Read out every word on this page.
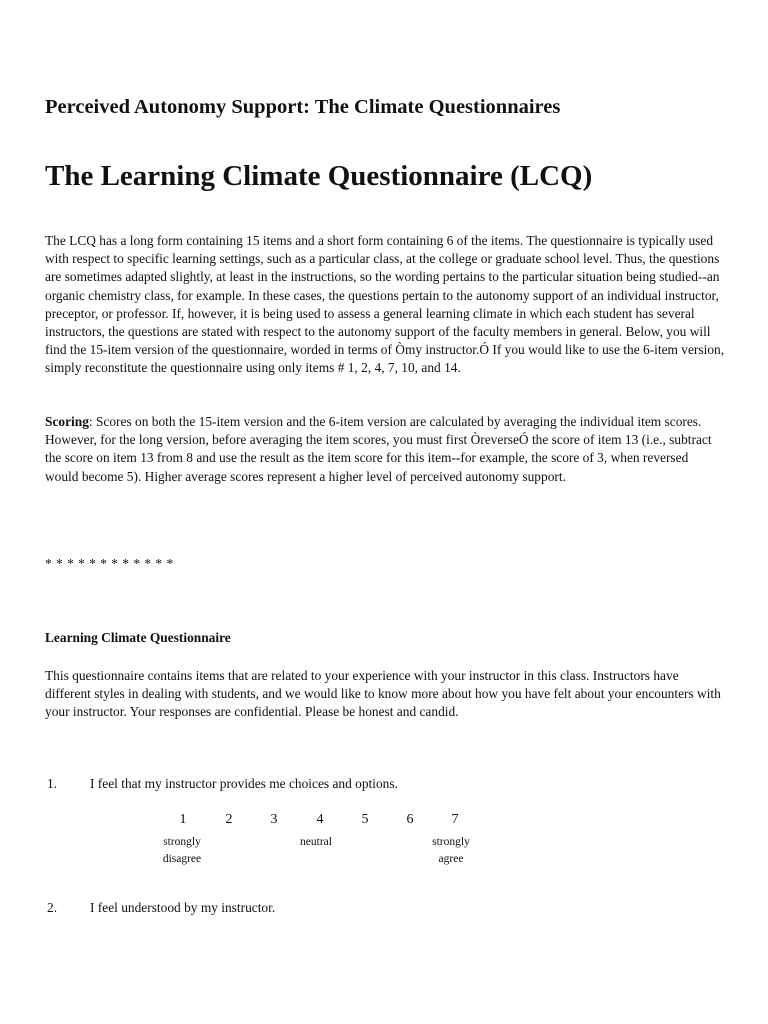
Perceived Autonomy Support: The Climate Questionnaires
The Learning Climate Questionnaire (LCQ)
The LCQ has a long form containing 15 items and a short form containing 6 of the items. The questionnaire is typically used with respect to specific learning settings, such as a particular class, at the college or graduate school level. Thus, the questions are sometimes adapted slightly, at least in the instructions, so the wording pertains to the particular situation being studied--an organic chemistry class, for example. In these cases, the questions pertain to the autonomy support of an individual instructor, preceptor, or professor. If, however, it is being used to assess a general learning climate in which each student has several instructors, the questions are stated with respect to the autonomy support of the faculty members in general. Below, you will find the 15-item version of the questionnaire, worded in terms of Òmy instructor.Ó If you would like to use the 6-item version, simply reconstitute the questionnaire using only items # 1, 2, 4, 7, 10, and 14.
Scoring: Scores on both the 15-item version and the 6-item version are calculated by averaging the individual item scores. However, for the long version, before averaging the item scores, you must first ÒreverseÓ the score of item 13 (i.e., subtract the score on item 13 from 8 and use the result as the item score for this item--for example, the score of 3, when reversed would become 5). Higher average scores represent a higher level of perceived autonomy support.
* * * * * * * * * * * *
Learning Climate Questionnaire
This questionnaire contains items that are related to your experience with your instructor in this class. Instructors have different styles in dealing with students, and we would like to know more about how you have felt about your encounters with your instructor. Your responses are confidential. Please be honest and candid.
1. I feel that my instructor provides me choices and options.
1	2	3	4	5	6	7
strongly
disagree
neutral	strongly
agree
2. I feel understood by my instructor.
